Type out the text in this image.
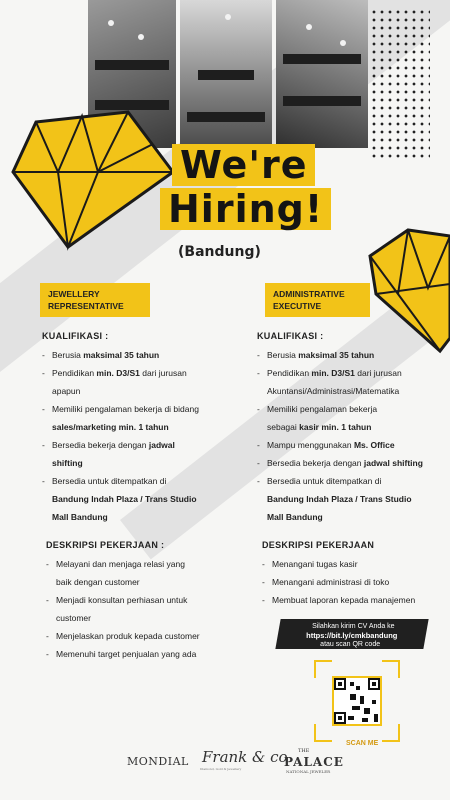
We're
Hiring!
(Bandung)
JEWELLERY
REPRESENTATIVE
ADMINISTRATIVE
EXECUTIVE
KUALIFIKASI :
- Berusia maksimal 35 tahun
- Pendidikan min. D3/S1 dari jurusan
apapun
- Memiliki pengalaman bekerja di bidang
sales/marketing min. 1 tahun
- Bersedia bekerja dengan jadwal
shifting
- Bersedia untuk ditempatkan di
Bandung Indah Plaza / Trans Studio
Mall Bandung
DESKRIPSI PEKERJAAN :
- Melayani dan menjaga relasi yang
baik dengan customer
- Menjadi konsultan perhiasan untuk
customer
- Menjelaskan produk kepada customer
- Memenuhi target penjualan yang ada
KUALIFIKASI :
- Berusia maksimal 35 tahun
- Pendidikan min. D3/S1 dari jurusan
Akuntansi/Administrasi/Matematika
- Memiliki pengalaman bekerja
sebagai kasir min. 1 tahun
- Mampu menggunakan Ms. Office
- Bersedia bekerja dengan jadwal shifting
- Bersedia untuk ditempatkan di
Bandung Indah Plaza / Trans Studio
Mall Bandung
DESKRIPSI PEKERJAAN
- Menangani tugas kasir
- Menangani administrasi di toko
- Membuat laporan kepada manajemen
Silahkan kirim CV Anda ke
https://bit.ly/cmkbandung
atau scan QR code
SCAN ME
MONDIAL Frank & co
Diamond, Gold & Jewellery
THE
PALACE
NATIONAL JEWELER
